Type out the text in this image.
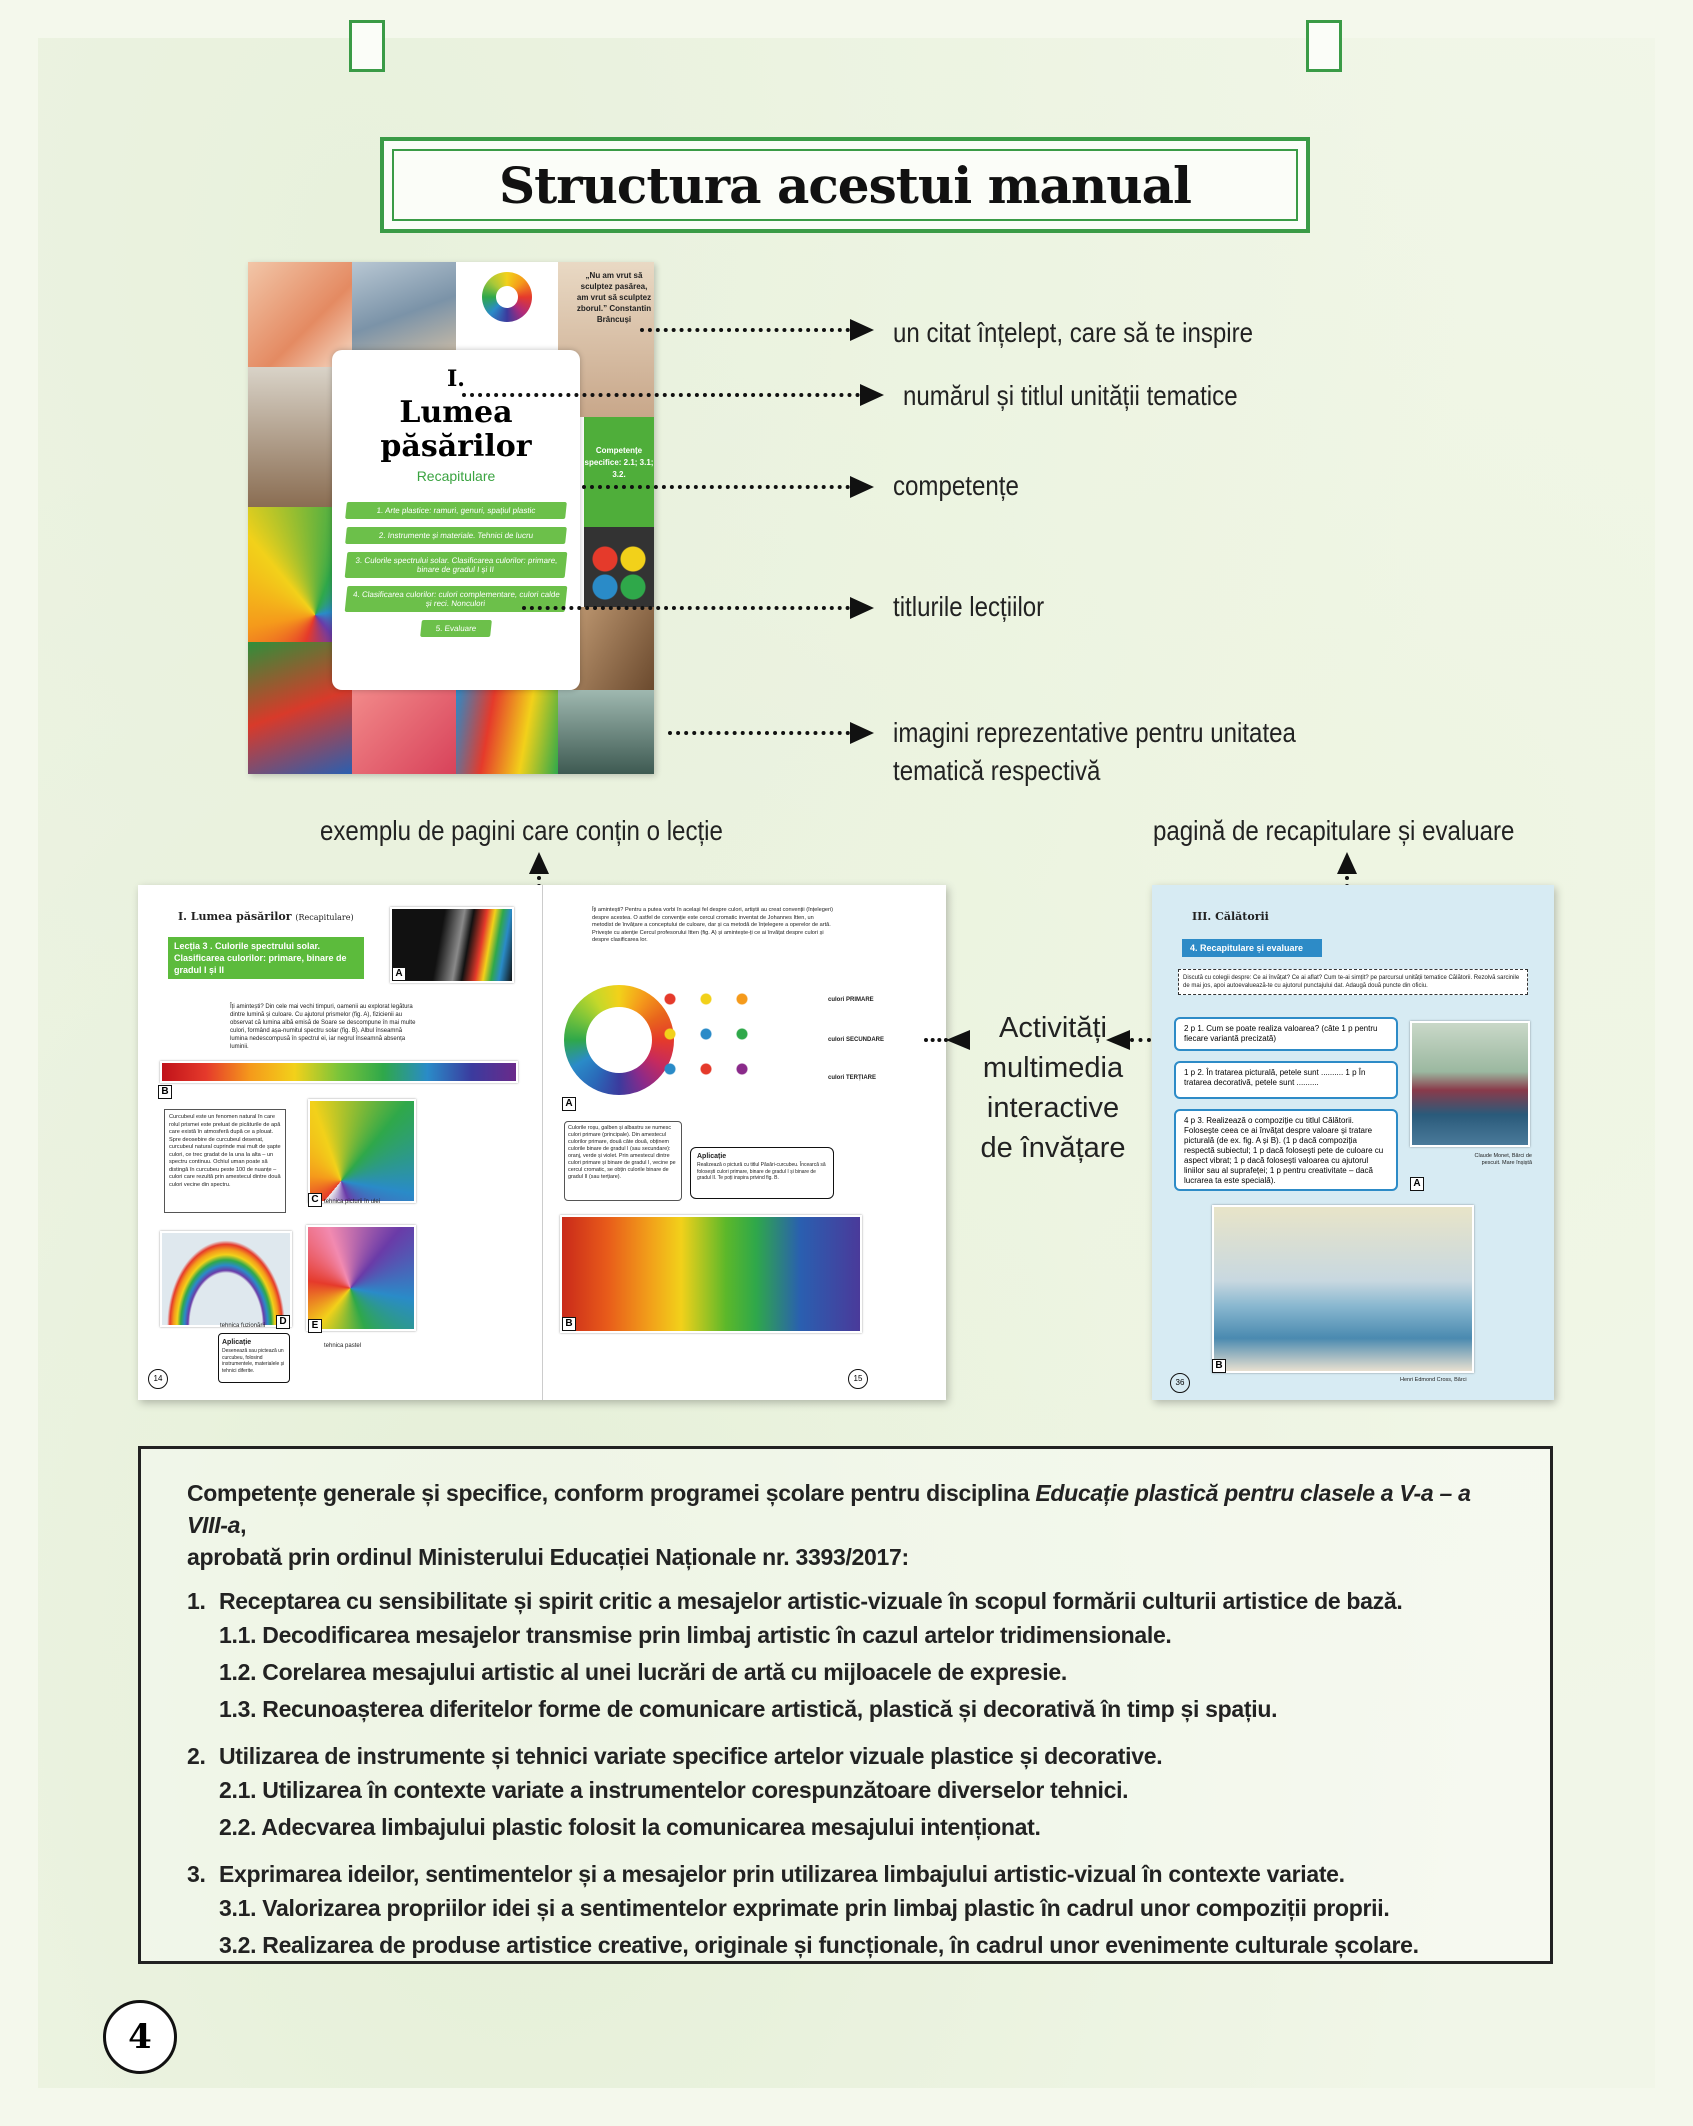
Structura acestui manual
„Nu am vrut să sculptez pasărea, am vrut să sculptez zborul.” Constantin Brâncuși
Competențe specifice: 2.1; 3.1; 3.2.
I.
Lumea păsărilor
Recapitulare
1. Arte plastice: ramuri, genuri, spațiul plastic
2. Instrumente și materiale. Tehnici de lucru
3. Culorile spectrului solar. Clasificarea culorilor: primare, binare de gradul I și II
4. Clasificarea culorilor: culori complementare, culori calde și reci. Nonculori
5. Evaluare
un citat înțelept, care să te inspire
numărul și titlul unității tematice
competențe
titlurile lecțiilor
imagini reprezentative pentru unitatea
tematică respectivă
exemplu de pagini care conțin o lecție	pagină de recapitulare și evaluare
I. Lumea păsărilor (Recapitulare)
Lecția 3 . Culorile spectrului solar. Clasificarea culorilor: primare, binare de gradul I și II	A
Îți amintești? Din cele mai vechi timpuri, oamenii au explorat legătura dintre lumină și culoare. Cu ajutorul prismelor (fig. A), fizicienii au observat că lumina albă emisă de Soare se descompune în mai multe culori, formând așa-numitul spectru solar (fig. B). Albul înseamnă lumina nedescompusă în spectrul ei, iar negrul înseamnă absența luminii.
B
Curcubeul este un fenomen natural în care rolul prismei este preluat de picăturile de apă care există în atmosferă după ce a plouat. Spre deosebire de curcubeul desenat, curcubeul natural cuprinde mai mult de șapte culori, ce trec gradat de la una la alta – un spectru continuu. Ochiul uman poate să distingă în curcubeu peste 100 de nuanțe – culori care rezultă prin amestecul dintre două culori vecine din spectru.
C tehnica picturii în ulei
D
tehnica fuzionării	E
tehnica pastel
Aplicație
Desenează sau pictează un curcubeu, folosind instrumentele, materialele și tehnici diferite.
14
Îți amintești? Pentru a putea vorbi în același fel despre culori, artiștii au creat convenții (înțelegeri) despre acestea. O astfel de convenție este cercul cromatic inventat de Johannes Itten, un metodist de învățare a conceptului de culoare, dar și ca metodă de înțelegere a operelor de artă. Privește cu atenție Cercul profesorului Itten (fig. A) și amintește-ți ce ai învățat despre culori și despre clasificarea lor.
A
culori PRIMARE
culori SECUNDARE
culori TERȚIARE
Culorile roșu, galben și albastru se numesc culori primare (principale). Din amestecul culorilor primare, două câte două, obținem culorile binare de gradul I (sau secundare): oranj, verde și violet. Prin amestecul dintre culori primare și binare de gradul I, vecine pe cercul cromatic, se obțin culorile binare de gradul II (sau terțiare).
Aplicație
Realizează o pictură cu titlul Păsări-curcubeu. Încearcă să folosești culori primare, binare de gradul I și binare de gradul II. Te poți inspira privind fig. B.
B
15
Activități
multimedia
interactive
de învățare
III. Călătorii
4. Recapitulare și evaluare
Discută cu colegii despre: Ce ai învățat? Ce ai aflat? Cum te-ai simțit? pe parcursul unității tematice Călătorii. Rezolvă sarcinile de mai jos, apoi autoevaluează-te cu ajutorul punctajului dat. Adaugă două puncte din oficiu.
2 p 1. Cum se poate realiza valoarea? (câte 1 p pentru fiecare variantă precizată)
1 p 2. În tratarea picturală, petele sunt .......... 1 p În tratarea decorativă, petele sunt ..........
4 p 3. Realizează o compoziție cu titlul Călătorii. Folosește ceea ce ai învățat despre valoare și tratare picturală (de ex. fig. A și B). (1 p dacă compoziția respectă subiectul; 1 p dacă folosești pete de culoare cu aspect vibrat; 1 p dacă folosești valoarea cu ajutorul liniilor sau al suprafeței; 1 p pentru creativitate – dacă lucrarea ta este specială).	A
Claude Monet, Bărci de pescuit. Mare înșiștă
B
Henri Edmond Cross, Bărci
36
Competențe generale și specifice, conform programei școlare pentru disciplina Educație plastică pentru clasele a V-a – a VIII-a,
aprobată prin ordinul Ministerului Educației Naționale nr. 3393/2017:
1. Receptarea cu sensibilitate și spirit critic a mesajelor artistic-vizuale în scopul formării culturii artistice de bază.
1.1. Decodificarea mesajelor transmise prin limbaj artistic în cazul artelor tridimensionale.
1.2. Corelarea mesajului artistic al unei lucrări de artă cu mijloacele de expresie.
1.3. Recunoașterea diferitelor forme de comunicare artistică, plastică și decorativă în timp și spațiu.
2. Utilizarea de instrumente și tehnici variate specifice artelor vizuale plastice și decorative.
2.1. Utilizarea în contexte variate a instrumentelor corespunzătoare diverselor tehnici.
2.2. Adecvarea limbajului plastic folosit la comunicarea mesajului intenționat.
3. Exprimarea ideilor, sentimentelor și a mesajelor prin utilizarea limbajului artistic-vizual în contexte variate.
3.1. Valorizarea propriilor idei și a sentimentelor exprimate prin limbaj plastic în cadrul unor compoziții proprii.
3.2. Realizarea de produse artistice creative, originale și funcționale, în cadrul unor evenimente culturale școlare.
4
